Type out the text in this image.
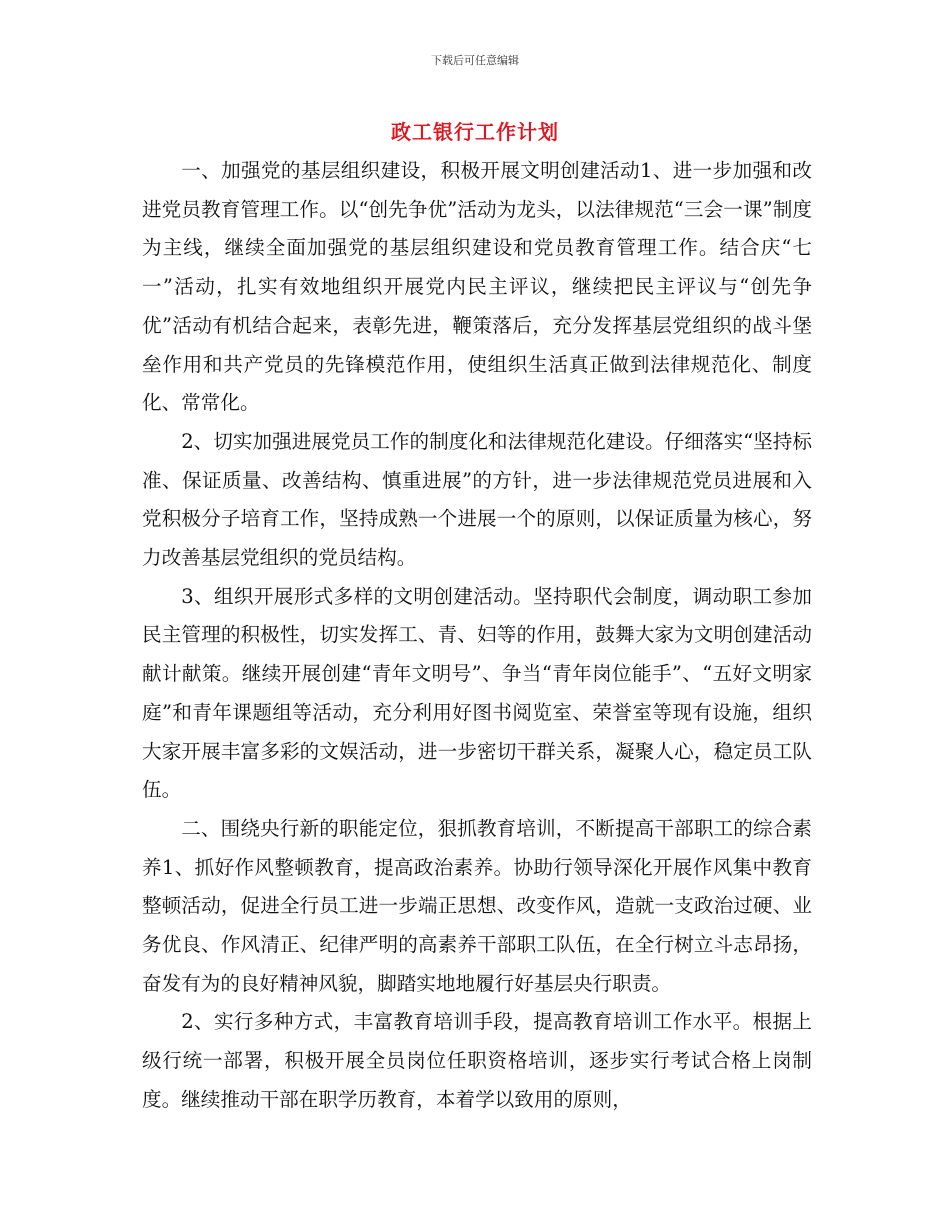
下载后可任意编辑
政工银行工作计划

一、加强党的基层组织建设，积极开展文明创建活动1、进一步加强和改进党员教育管理工作。以“创先争优”活动为龙头，以法律规范“三会一课”制度为主线，继续全面加强党的基层组织建设和党员教育管理工作。结合庆“七一”活动，扎实有效地组织开展党内民主评议，继续把民主评议与“创先争优”活动有机结合起来，表彰先进，鞭策落后，充分发挥基层党组织的战斗堡垒作用和共产党员的先锋模范作用，使组织生活真正做到法律规范化、制度化、常常化。

2、切实加强进展党员工作的制度化和法律规范化建设。仔细落实“坚持标准、保证质量、改善结构、慎重进展”的方针，进一步法律规范党员进展和入党积极分子培育工作，坚持成熟一个进展一个的原则，以保证质量为核心，努力改善基层党组织的党员结构。

3、组织开展形式多样的文明创建活动。坚持职代会制度，调动职工参加民主管理的积极性，切实发挥工、青、妇等的作用，鼓舞大家为文明创建活动献计献策。继续开展创建“青年文明号”、争当“青年岗位能手”、“五好文明家庭”和青年课题组等活动，充分利用好图书阅览室、荣誉室等现有设施，组织大家开展丰富多彩的文娱活动，进一步密切干群关系，凝聚人心，稳定员工队伍。

二、围绕央行新的职能定位，狠抓教育培训，不断提高干部职工的综合素养1、抓好作风整顿教育，提高政治素养。协助行领导深化开展作风集中教育整顿活动，促进全行员工进一步端正思想、改变作风，造就一支政治过硬、业务优良、作风清正、纪律严明的高素养干部职工队伍，在全行树立斗志昂扬，奋发有为的良好精神风貌，脚踏实地地履行好基层央行职责。

2、实行多种方式，丰富教育培训手段，提高教育培训工作水平。根据上级行统一部署，积极开展全员岗位任职资格培训，逐步实行考试合格上岗制度。继续推动干部在职学历教育，本着学以致用的原则，
